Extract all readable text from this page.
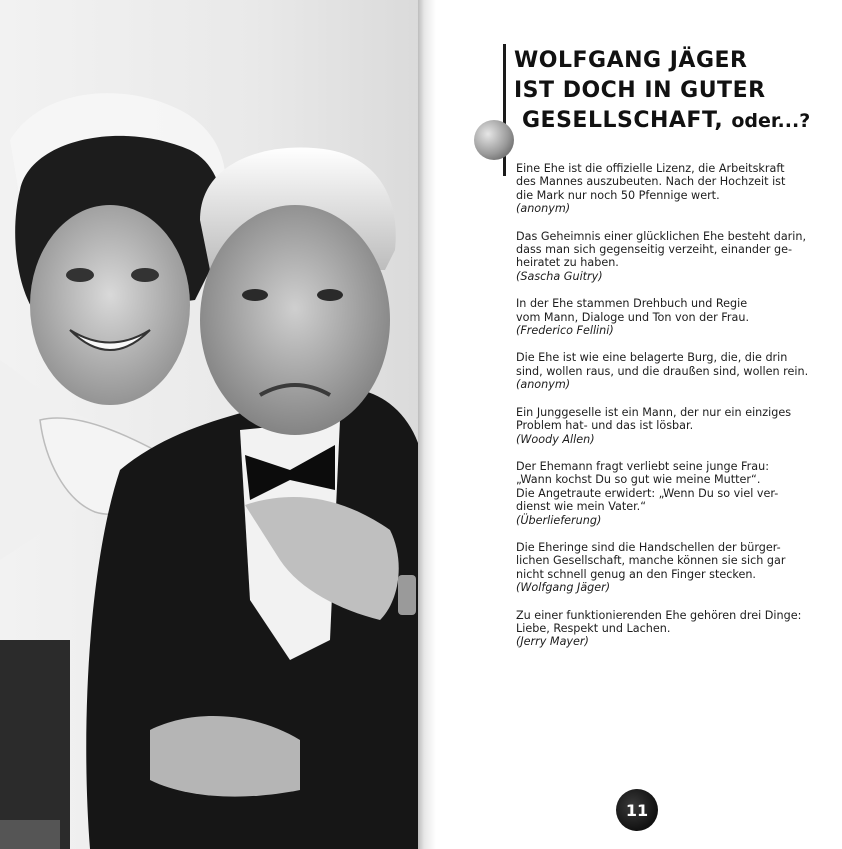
WOLFGANG JÄGER
IST DOCH IN GUTER
GESELLSCHAFT, oder...?
Eine Ehe ist die offizielle Lizenz, die Arbeitskraft
des Mannes auszubeuten. Nach der Hochzeit ist
die Mark nur noch 50 Pfennige wert.
(anonym)
Das Geheimnis einer glücklichen Ehe besteht darin,
dass man sich gegenseitig verzeiht, einander ge-
heiratet zu haben.
(Sascha Guitry)
In der Ehe stammen Drehbuch und Regie
vom Mann, Dialoge und Ton von der Frau.
(Frederico Fellini)
Die Ehe ist wie eine belagerte Burg, die, die drin
sind, wollen raus, und die draußen sind, wollen rein.
(anonym)
Ein Junggeselle ist ein Mann, der nur ein einziges
Problem hat- und das ist lösbar.
(Woody Allen)
Der Ehemann fragt verliebt seine junge Frau:
„Wann kochst Du so gut wie meine Mutter“.
Die Angetraute erwidert: „Wenn Du so viel ver-
dienst wie mein Vater.“
(Überlieferung)
Die Eheringe sind die Handschellen der bürger-
lichen Gesellschaft, manche können sie sich gar
nicht schnell genug an den Finger stecken.
(Wolfgang Jäger)
Zu einer funktionierenden Ehe gehören drei Dinge:
Liebe, Respekt und Lachen.
(Jerry Mayer)
11
